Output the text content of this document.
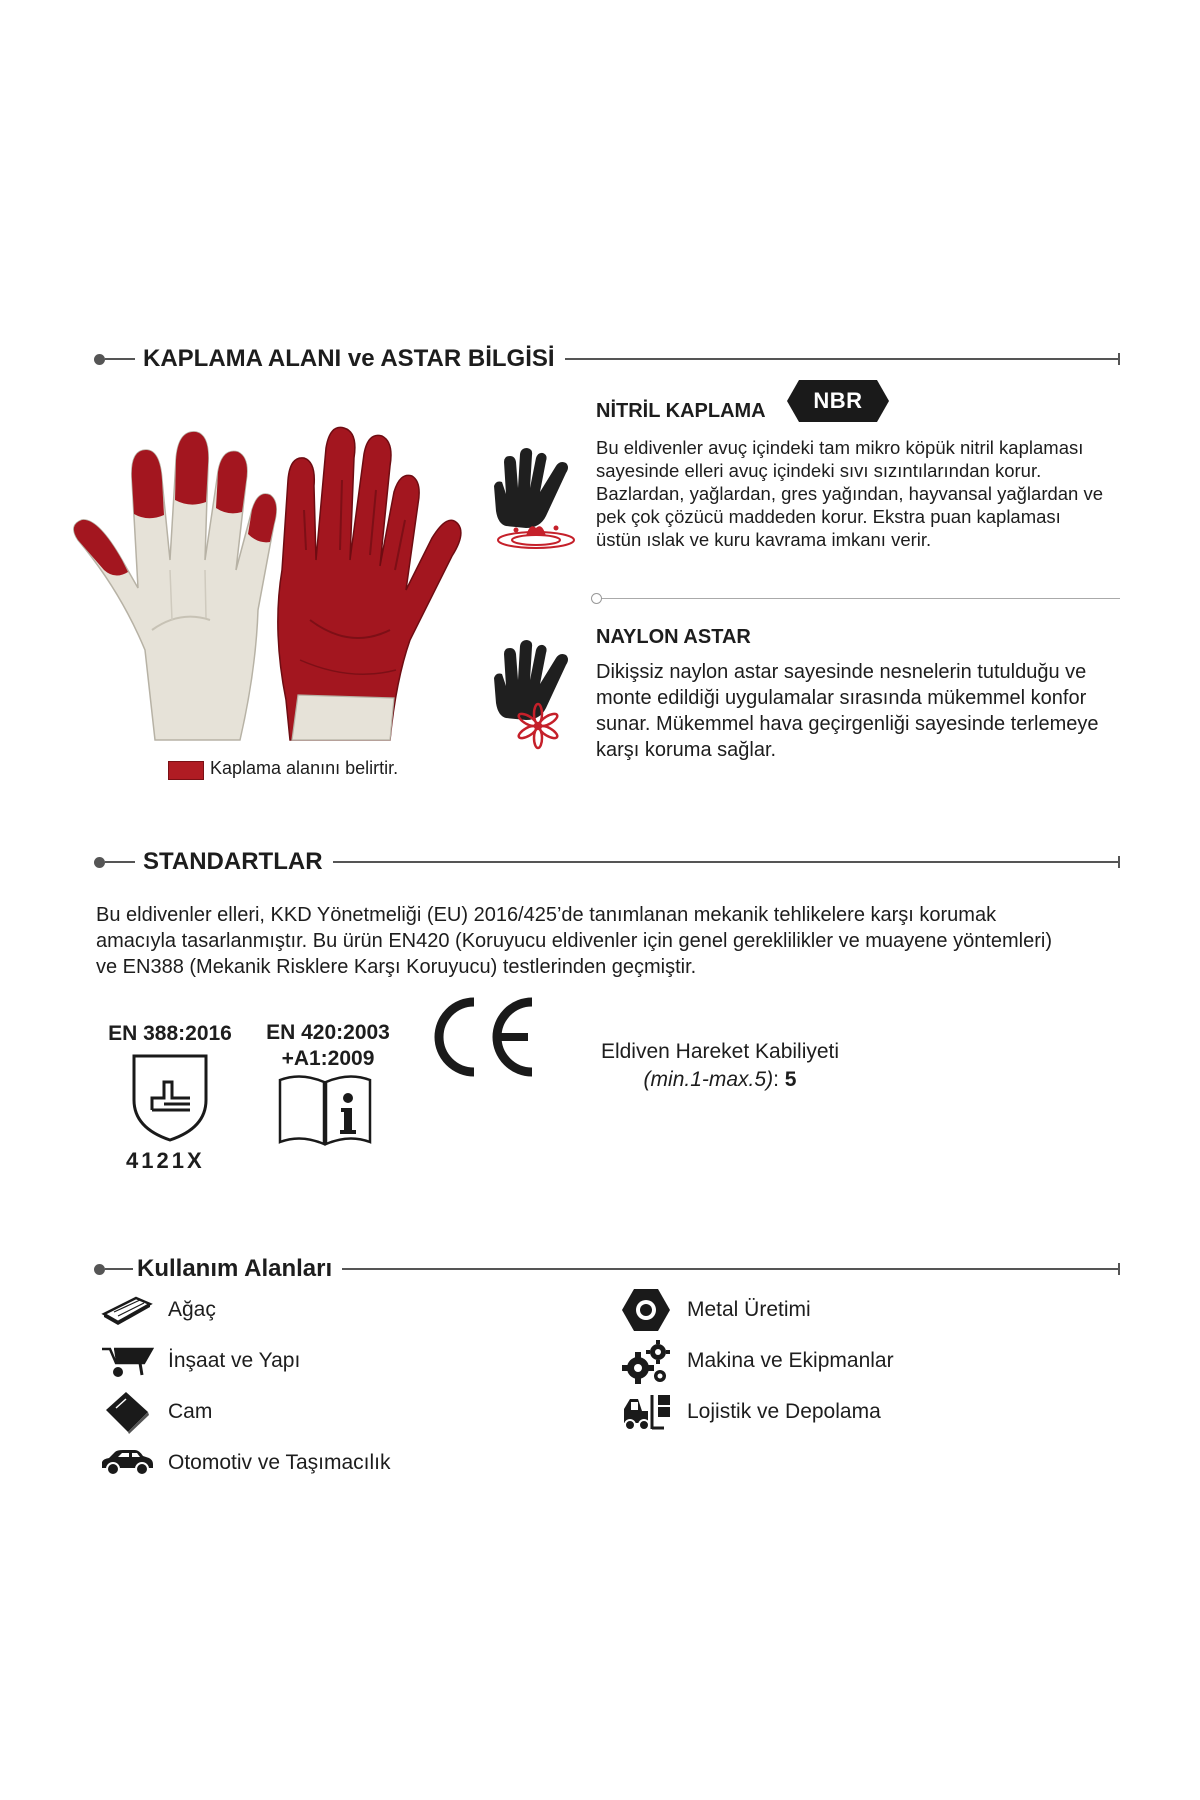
KAPLAMA ALANI ve ASTAR BİLGİSİ
Kaplama alanını belirtir.
NİTRİL KAPLAMA	NBR
Bu eldivenler avuç içindeki tam mikro köpük nitril kaplaması
sayesinde elleri avuç içindeki sıvı sızıntılarından korur.
Bazlardan, yağlardan, gres yağından, hayvansal yağlardan ve
pek çok çözücü maddeden korur. Ekstra puan kaplaması
üstün ıslak ve kuru kavrama imkanı verir.
NAYLON ASTAR
Dikişsiz naylon astar sayesinde nesnelerin tutulduğu ve
monte edildiği uygulamalar sırasında mükemmel konfor
sunar. Mükemmel hava geçirgenliği sayesinde terlemeye
karşı koruma sağlar.
STANDARTLAR
Bu eldivenler elleri, KKD Yönetmeliği (EU) 2016/425’de tanımlanan mekanik tehlikelere karşı korumak
amacıyla tasarlanmıştır. Bu ürün EN420 (Koruyucu eldivenler için genel gereklilikler ve muayene yöntemleri)
ve EN388 (Mekanik Risklere Karşı Koruyucu) testlerinden geçmiştir.
EN 388:2016
4121X
EN 420:2003
+A1:2009	Eldiven Hareket Kabiliyeti
(min.1-max.5): 5
Kullanım Alanları
Ağaç
İnşaat ve Yapı
Cam
Otomotiv ve Taşımacılık
Metal Üretimi
Makina ve Ekipmanlar
Lojistik ve Depolama
